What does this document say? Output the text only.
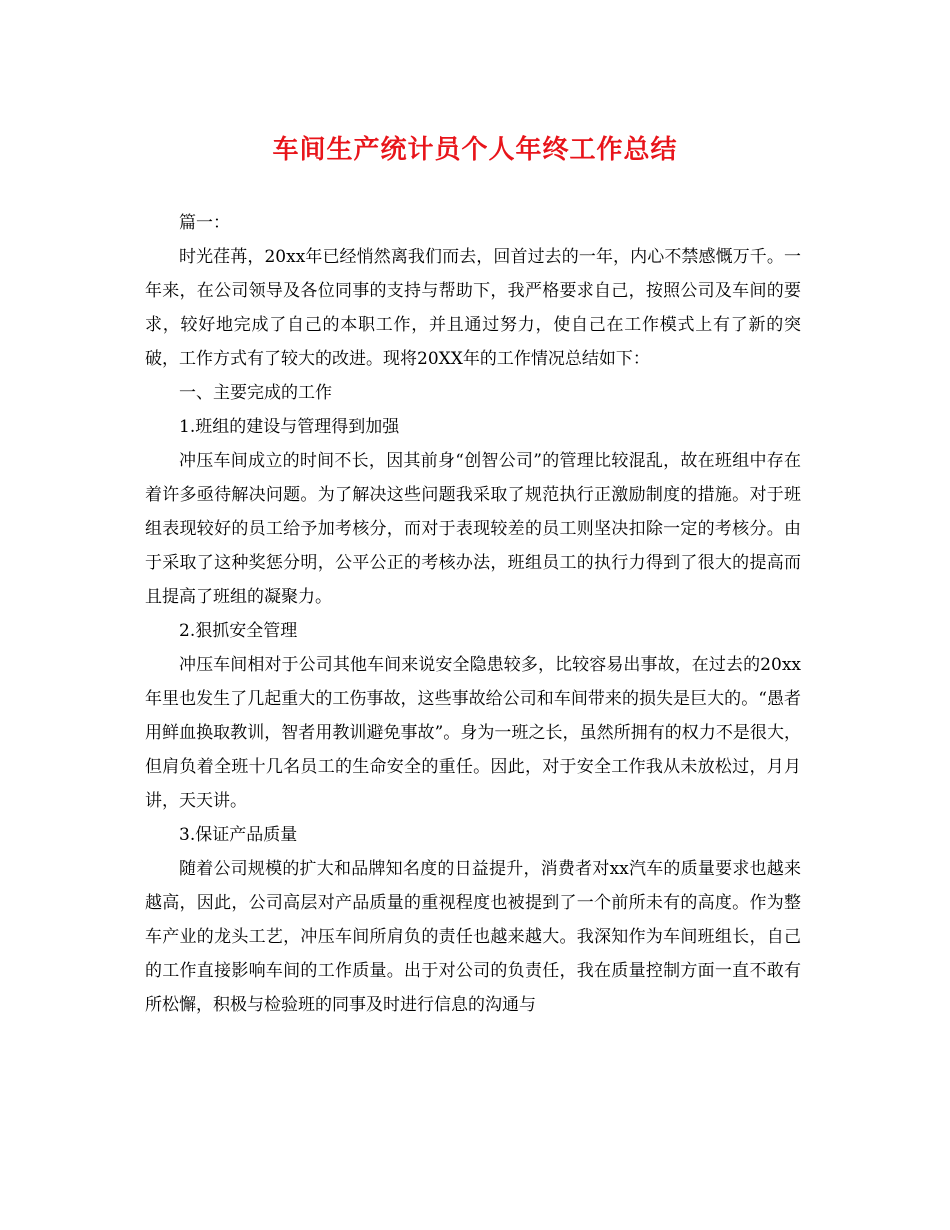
车间生产统计员个人年终工作总结

篇一：

时光荏苒，20xx年已经悄然离我们而去，回首过去的一年，内心不禁感慨万千。一年来，在公司领导及各位同事的支持与帮助下，我严格要求自己，按照公司及车间的要求，较好地完成了自己的本职工作，并且通过努力，使自己在工作模式上有了新的突破，工作方式有了较大的改进。现将20XX年的工作情况总结如下：

一、主要完成的工作

1.班组的建设与管理得到加强

冲压车间成立的时间不长，因其前身“创智公司”的管理比较混乱，故在班组中存在着许多亟待解决问题。为了解决这些问题我采取了规范执行正激励制度的措施。对于班组表现较好的员工给予加考核分，而对于表现较差的员工则坚决扣除一定的考核分。由于采取了这种奖惩分明，公平公正的考核办法，班组员工的执行力得到了很大的提高而且提高了班组的凝聚力。

2.狠抓安全管理

冲压车间相对于公司其他车间来说安全隐患较多，比较容易出事故，在过去的20xx年里也发生了几起重大的工伤事故，这些事故给公司和车间带来的损失是巨大的。“愚者用鲜血换取教训，智者用教训避免事故”。身为一班之长，虽然所拥有的权力不是很大，但肩负着全班十几名员工的生命安全的重任。因此，对于安全工作我从未放松过，月月讲，天天讲。

3.保证产品质量

随着公司规模的扩大和品牌知名度的日益提升，消费者对xx汽车的质量要求也越来越高，因此，公司高层对产品质量的重视程度也被提到了一个前所未有的高度。作为整车产业的龙头工艺，冲压车间所肩负的责任也越来越大。我深知作为车间班组长，自己的工作直接影响车间的工作质量。出于对公司的负责任，我在质量控制方面一直不敢有所松懈，积极与检验班的同事及时进行信息的沟通与
